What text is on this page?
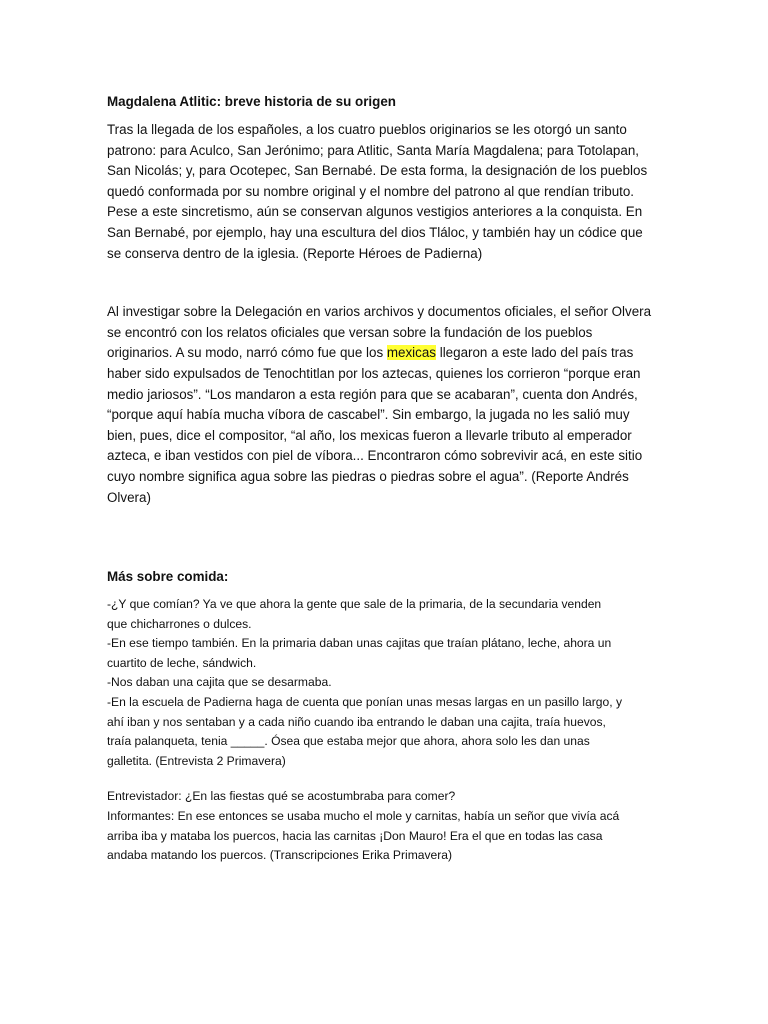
Magdalena Atlitic: breve historia de su origen

Tras la llegada de los españoles, a los cuatro pueblos originarios se les otorgó un santo
patrono: para Aculco, San Jerónimo; para Atlitic, Santa María Magdalena; para Totolapan,
San Nicolás; y, para Ocotepec, San Bernabé. De esta forma, la designación de los pueblos
quedó conformada por su nombre original y el nombre del patrono al que rendían tributo.
Pese a este sincretismo, aún se conservan algunos vestigios anteriores a la conquista. En
San Bernabé, por ejemplo, hay una escultura del dios Tláloc, y también hay un códice que
se conserva dentro de la iglesia. (Reporte Héroes de Padierna)

Al investigar sobre la Delegación en varios archivos y documentos oficiales, el señor Olvera
se encontró con los relatos oficiales que versan sobre la fundación de los pueblos
originarios. A su modo, narró cómo fue que los mexicas llegaron a este lado del país tras
haber sido expulsados de Tenochtitlan por los aztecas, quienes los corrieron “porque eran
medio jariosos”. “Los mandaron a esta región para que se acabaran”, cuenta don Andrés,
“porque aquí había mucha víbora de cascabel”. Sin embargo, la jugada no les salió muy
bien, pues, dice el compositor, “al año, los mexicas fueron a llevarle tributo al emperador
azteca, e iban vestidos con piel de víbora... Encontraron cómo sobrevivir acá, en este sitio
cuyo nombre significa agua sobre las piedras o piedras sobre el agua”. (Reporte Andrés
Olvera)

Más sobre comida:

-¿Y que comían? Ya ve que ahora la gente que sale de la primaria, de la secundaria venden
que chicharrones o dulces.
-En ese tiempo también. En la primaria daban unas cajitas que traían plátano, leche, ahora un
cuartito de leche, sándwich.
-Nos daban una cajita que se desarmaba.
-En la escuela de Padierna haga de cuenta que ponían unas mesas largas en un pasillo largo, y
ahí iban y nos sentaban y a cada niño cuando iba entrando le daban una cajita, traía huevos,
traía palanqueta, tenia _____. Ósea que estaba mejor que ahora, ahora solo les dan unas
galletita. (Entrevista 2 Primavera)

Entrevistador: ¿En las fiestas qué se acostumbraba para comer?
Informantes: En ese entonces se usaba mucho el mole y carnitas, había un señor que vivía acá
arriba iba y mataba los puercos, hacia las carnitas ¡Don Mauro! Era el que en todas las casa
andaba matando los puercos. (Transcripciones Erika Primavera)
